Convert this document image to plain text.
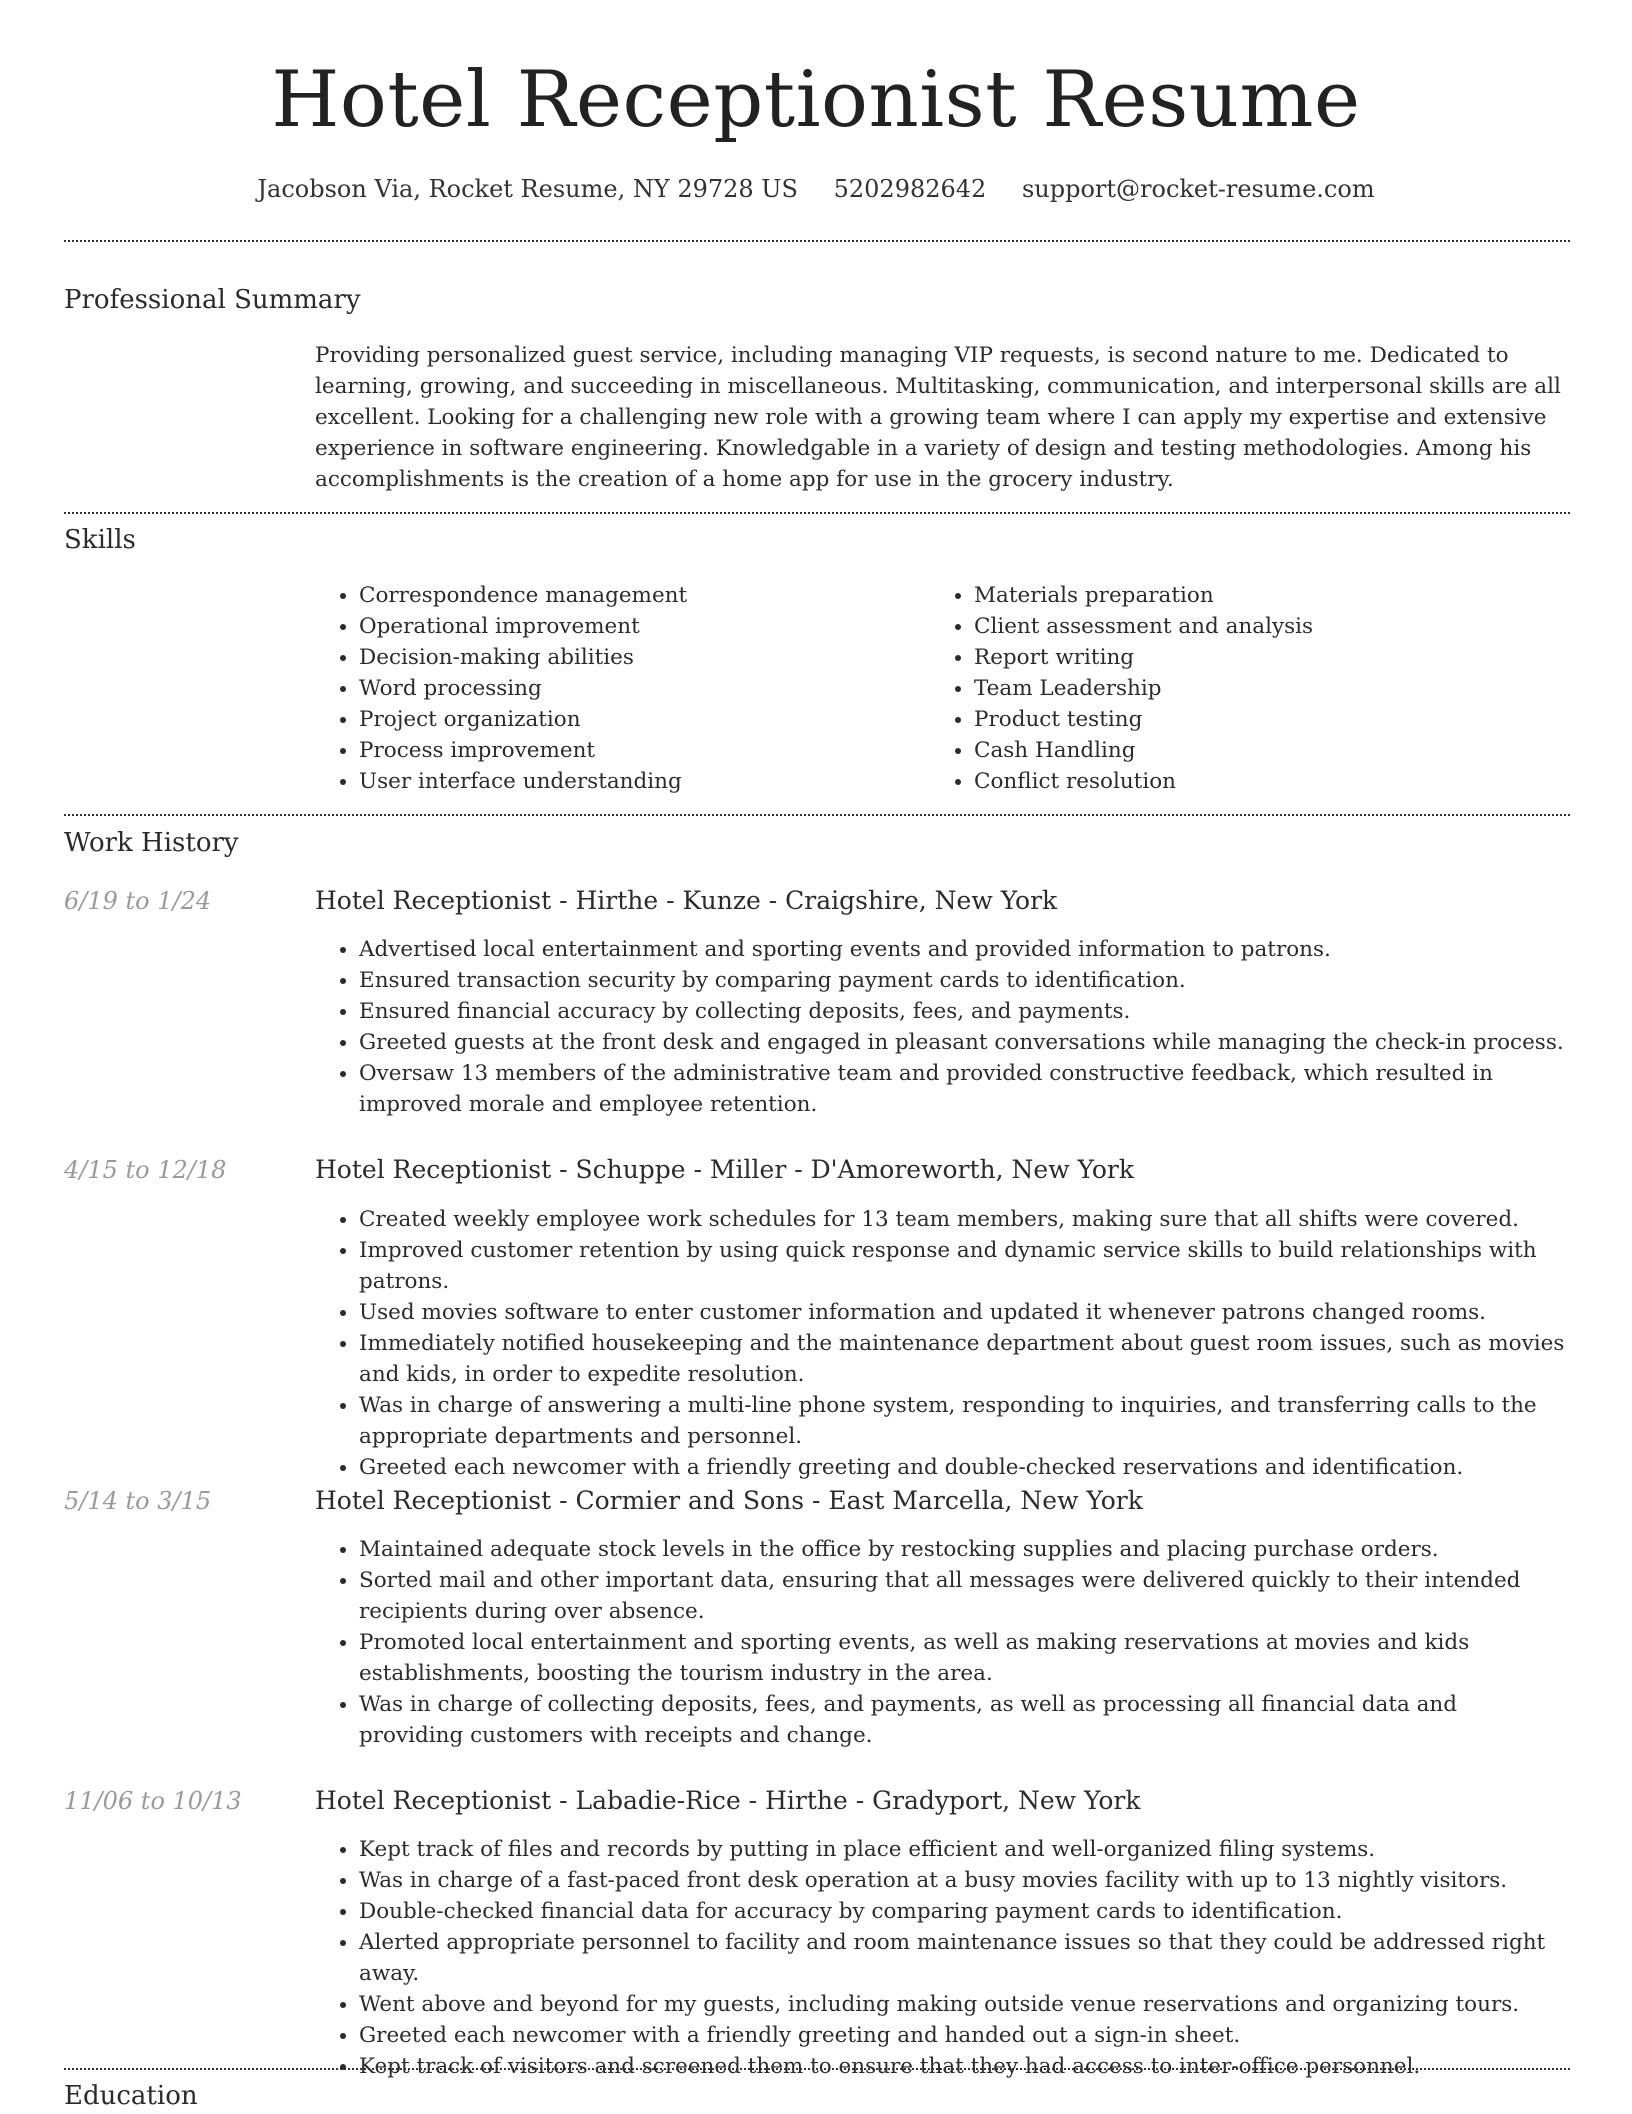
Hotel Receptionist Resume
Jacobson Via, Rocket Resume, NY 29728 US 5202982642 support@rocket-resume.com
Professional Summary
Providing personalized guest service, including managing VIP requests, is second nature to me. Dedicated to learning, growing, and succeeding in miscellaneous. Multitasking, communication, and interpersonal skills are all excellent. Looking for a challenging new role with a growing team where I can apply my expertise and extensive experience in software engineering. Knowledgable in a variety of design and testing methodologies. Among his accomplishments is the creation of a home app for use in the grocery industry.
Skills
• Correspondence management
• Operational improvement
• Decision-making abilities
• Word processing
• Project organization
• Process improvement
• User interface understanding
• Materials preparation
• Client assessment and analysis
• Report writing
• Team Leadership
• Product testing
• Cash Handling
• Conflict resolution
Work History
6/19 to 1/24	Hotel Receptionist - Hirthe - Kunze - Craigshire, New York
• Advertised local entertainment and sporting events and provided information to patrons.
• Ensured transaction security by comparing payment cards to identification.
• Ensured financial accuracy by collecting deposits, fees, and payments.
• Greeted guests at the front desk and engaged in pleasant conversations while managing the check-in process.
• Oversaw 13 members of the administrative team and provided constructive feedback, which resulted in improved morale and employee retention.
4/15 to 12/18	Hotel Receptionist - Schuppe - Miller - D'Amoreworth, New York
• Created weekly employee work schedules for 13 team members, making sure that all shifts were covered.
• Improved customer retention by using quick response and dynamic service skills to build relationships with patrons.
• Used movies software to enter customer information and updated it whenever patrons changed rooms.
• Immediately notified housekeeping and the maintenance department about guest room issues, such as movies and kids, in order to expedite resolution.
• Was in charge of answering a multi-line phone system, responding to inquiries, and transferring calls to the appropriate departments and personnel.
• Greeted each newcomer with a friendly greeting and double-checked reservations and identification.
5/14 to 3/15	Hotel Receptionist - Cormier and Sons - East Marcella, New York
• Maintained adequate stock levels in the office by restocking supplies and placing purchase orders.
• Sorted mail and other important data, ensuring that all messages were delivered quickly to their intended recipients during over absence.
• Promoted local entertainment and sporting events, as well as making reservations at movies and kids establishments, boosting the tourism industry in the area.
• Was in charge of collecting deposits, fees, and payments, as well as processing all financial data and providing customers with receipts and change.
11/06 to 10/13	Hotel Receptionist - Labadie-Rice - Hirthe - Gradyport, New York
• Kept track of files and records by putting in place efficient and well-organized filing systems.
• Was in charge of a fast-paced front desk operation at a busy movies facility with up to 13 nightly visitors.
• Double-checked financial data for accuracy by comparing payment cards to identification.
• Alerted appropriate personnel to facility and room maintenance issues so that they could be addressed right away.
• Went above and beyond for my guests, including making outside venue reservations and organizing tours.
• Greeted each newcomer with a friendly greeting and handed out a sign-in sheet.
• Kept track of visitors and screened them to ensure that they had access to inter-office personnel.
Education
